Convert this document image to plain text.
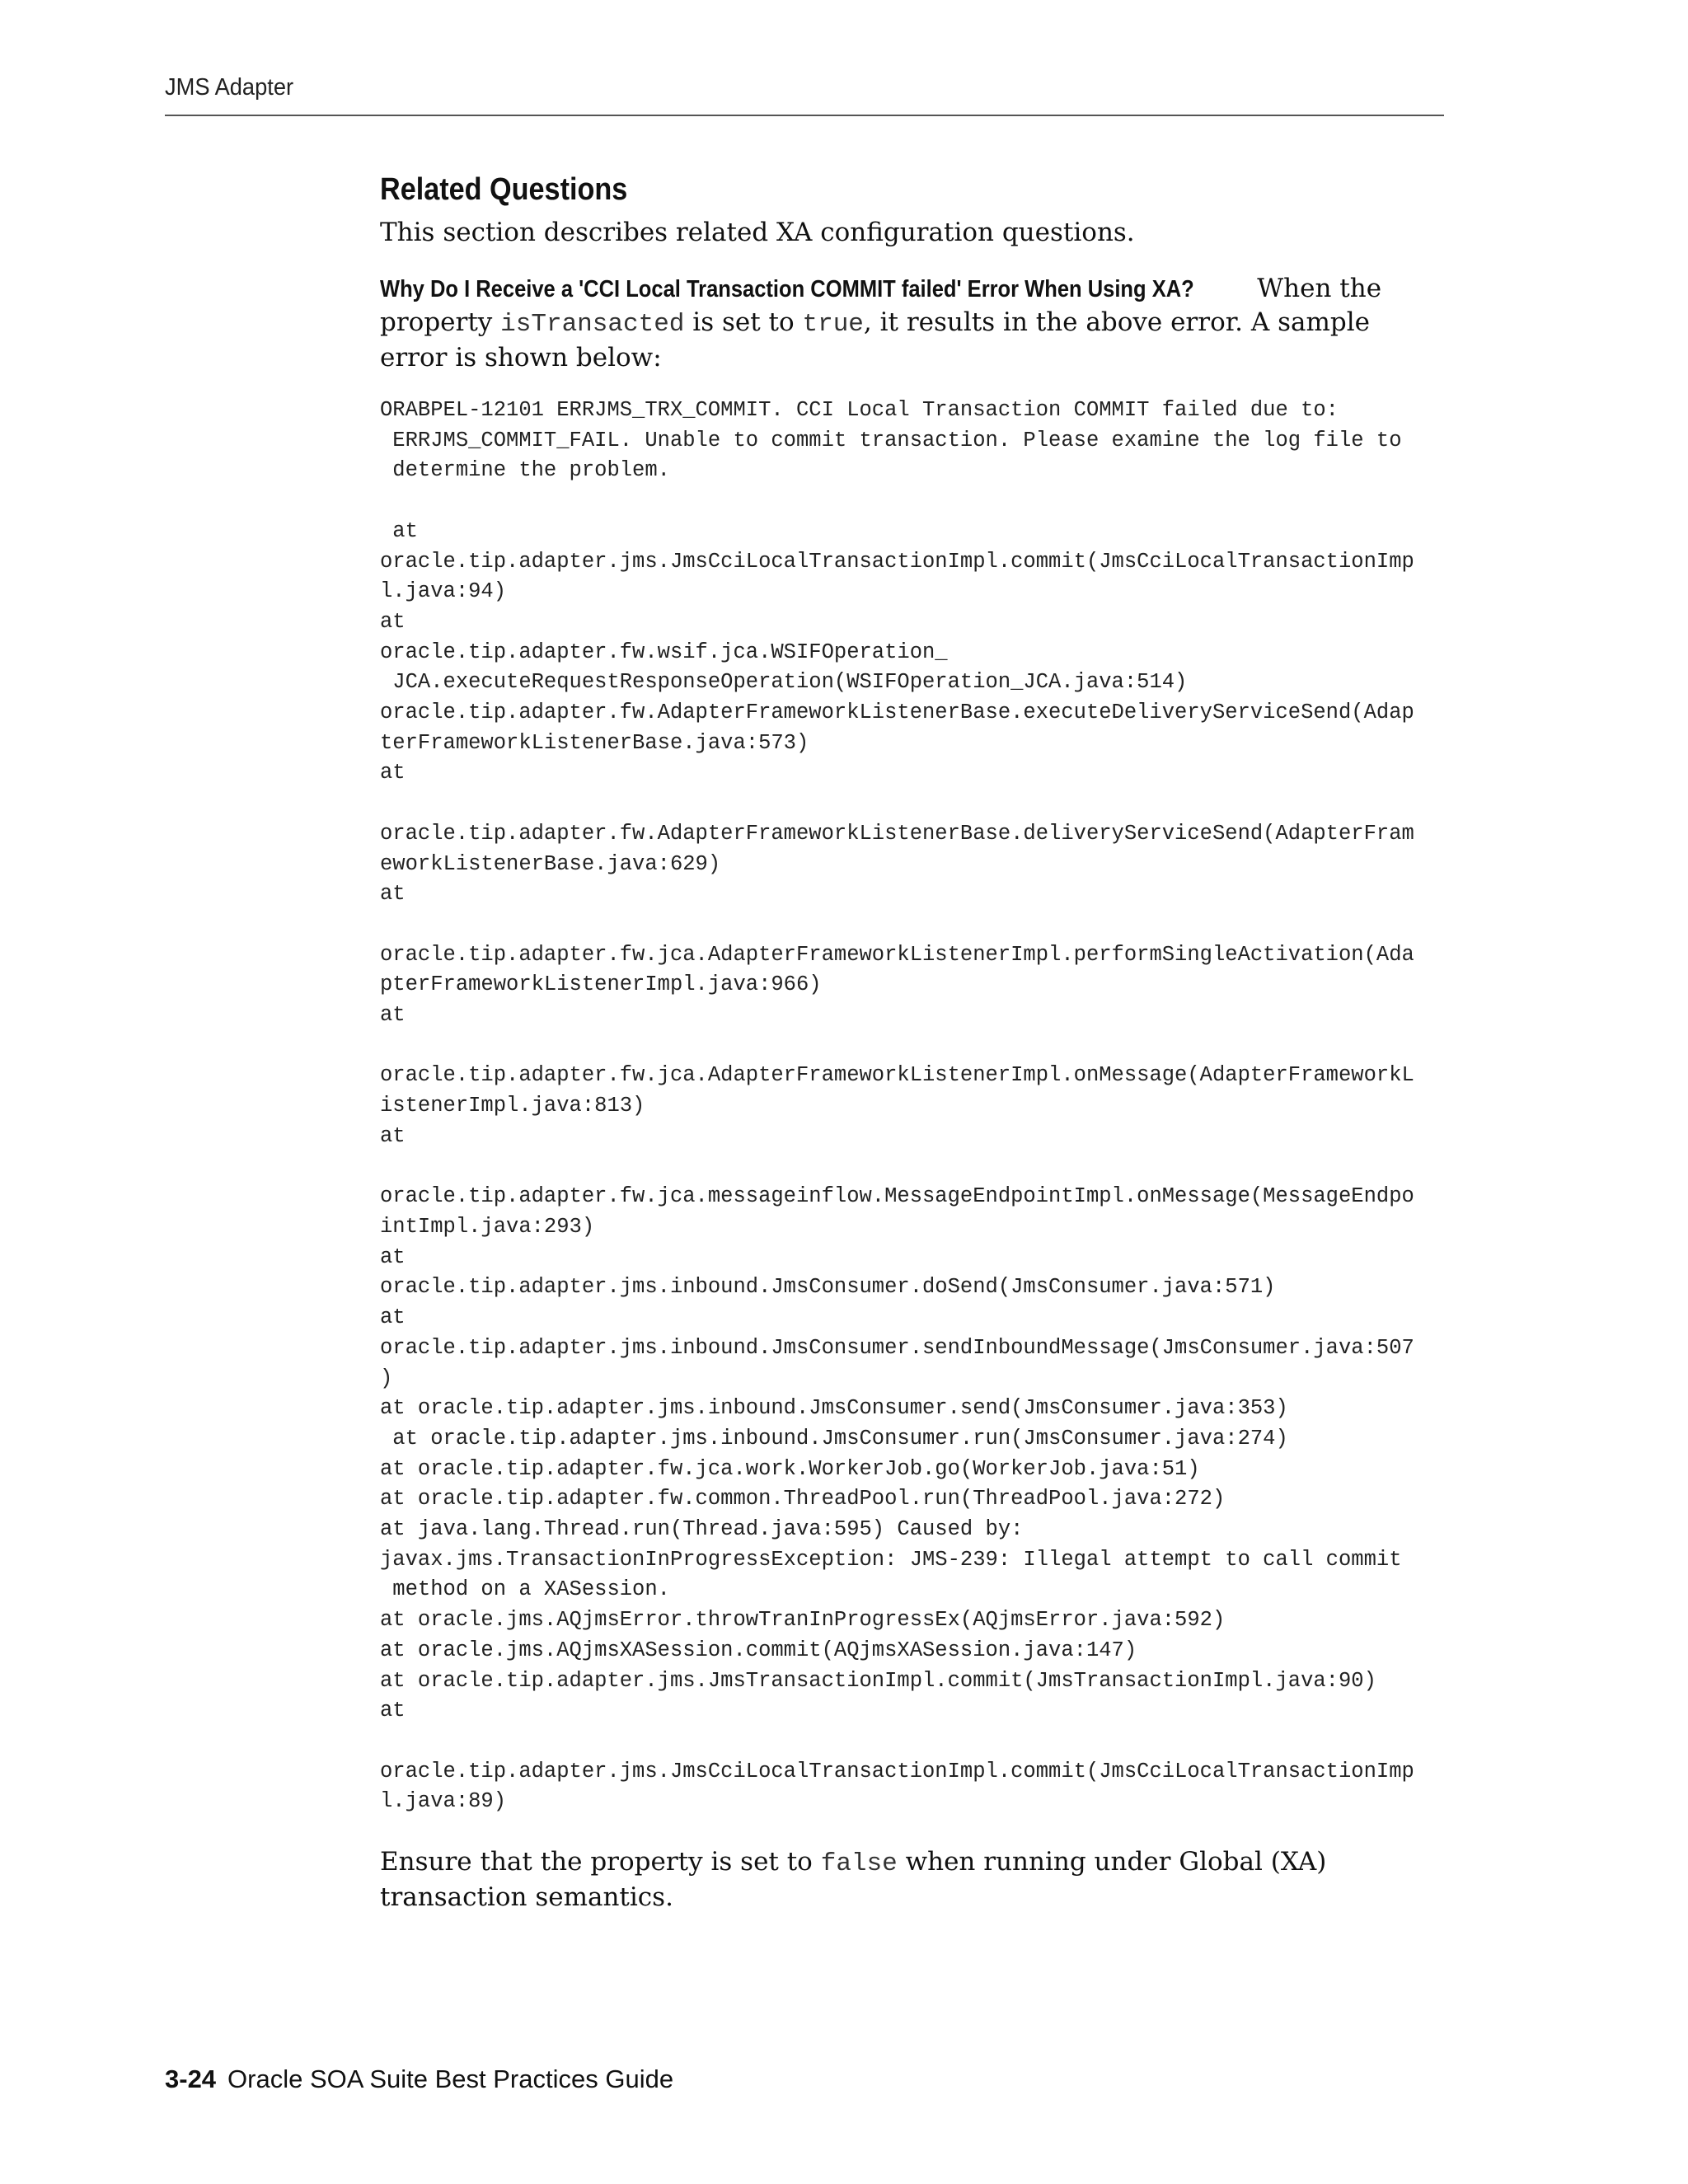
JMS Adapter
Related Questions

This section describes related XA configuration questions.

Why Do I Receive a 'CCI Local Transaction COMMIT failed' Error When Using XA? When the property isTransacted is set to true, it results in the above error. A sample error is shown below:

ORABPEL-12101 ERRJMS_TRX_COMMIT. CCI Local Transaction COMMIT failed due to:
ERRJMS_COMMIT_FAIL. Unable to commit transaction. Please examine the log file to
determine the problem.

at
oracle.tip.adapter.jms.JmsCciLocalTransactionImpl.commit(JmsCciLocalTransactionImp
l.java:94)
at
oracle.tip.adapter.fw.wsif.jca.WSIFOperation_
JCA.executeRequestResponseOperation(WSIFOperation_JCA.java:514)
oracle.tip.adapter.fw.AdapterFrameworkListenerBase.executeDeliveryServiceSend(Adap
terFrameworkListenerBase.java:573)
at

oracle.tip.adapter.fw.AdapterFrameworkListenerBase.deliveryServiceSend(AdapterFram
eworkListenerBase.java:629)
at

oracle.tip.adapter.fw.jca.AdapterFrameworkListenerImpl.performSingleActivation(Ada
pterFrameworkListenerImpl.java:966)
at

oracle.tip.adapter.fw.jca.AdapterFrameworkListenerImpl.onMessage(AdapterFrameworkL
istenerImpl.java:813)
at

oracle.tip.adapter.fw.jca.messageinflow.MessageEndpointImpl.onMessage(MessageEndpo
intImpl.java:293)
at
oracle.tip.adapter.jms.inbound.JmsConsumer.doSend(JmsConsumer.java:571)
at
oracle.tip.adapter.jms.inbound.JmsConsumer.sendInboundMessage(JmsConsumer.java:507
)
at oracle.tip.adapter.jms.inbound.JmsConsumer.send(JmsConsumer.java:353)
at oracle.tip.adapter.jms.inbound.JmsConsumer.run(JmsConsumer.java:274)
at oracle.tip.adapter.fw.jca.work.WorkerJob.go(WorkerJob.java:51)
at oracle.tip.adapter.fw.common.ThreadPool.run(ThreadPool.java:272)
at java.lang.Thread.run(Thread.java:595) Caused by:
javax.jms.TransactionInProgressException: JMS-239: Illegal attempt to call commit
method on a XASession.
at oracle.jms.AQjmsError.throwTranInProgressEx(AQjmsError.java:592)
at oracle.jms.AQjmsXASession.commit(AQjmsXASession.java:147)
at oracle.tip.adapter.jms.JmsTransactionImpl.commit(JmsTransactionImpl.java:90)
at

oracle.tip.adapter.jms.JmsCciLocalTransactionImpl.commit(JmsCciLocalTransactionImp
l.java:89)

Ensure that the property is set to false when running under Global (XA) transaction semantics.

3-24 Oracle SOA Suite Best Practices Guide
